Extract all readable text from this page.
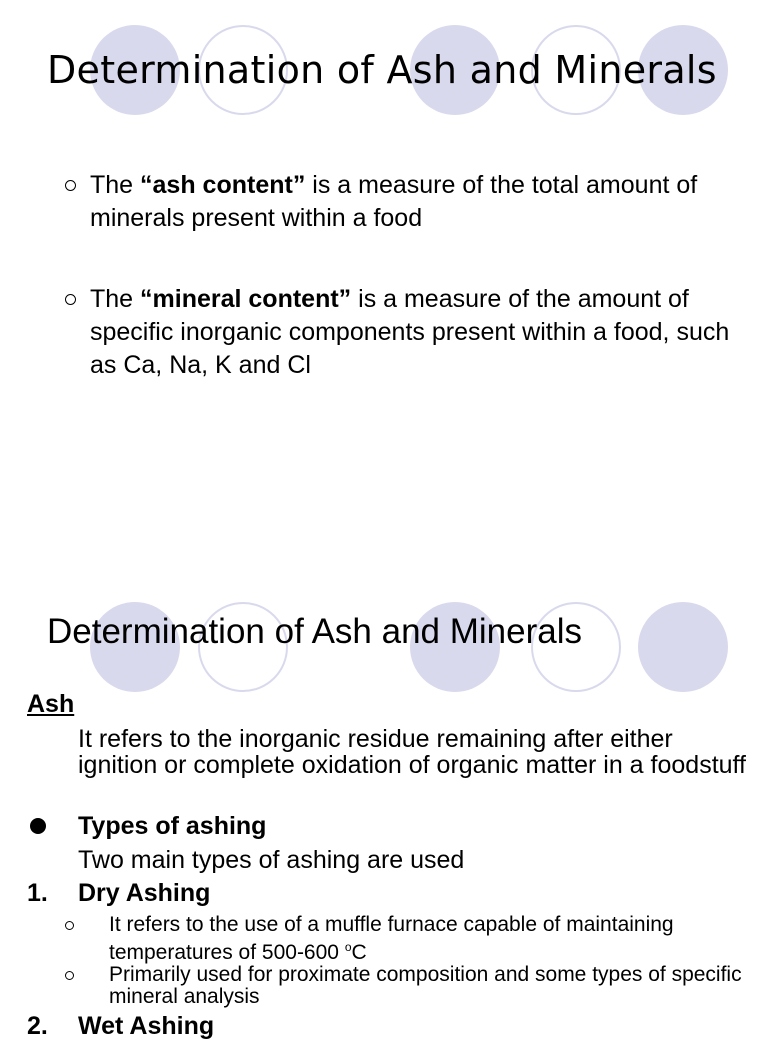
Determination of Ash and Minerals
The “ash content” is a measure of the total amount of minerals present within a food
The “mineral content” is a measure of the amount of specific inorganic components present within a food, such as Ca, Na, K and Cl
Determination of Ash and Minerals
Ash
It refers to the inorganic residue remaining after either ignition or complete oxidation of organic matter in a foodstuff
Types of ashing
Two main types of ashing are used
1. Dry Ashing
It refers to the use of a muffle furnace capable of maintaining temperatures of 500-600 $^o$C
Primarily used for proximate composition and some types of specific mineral analysis
2. Wet Ashing
